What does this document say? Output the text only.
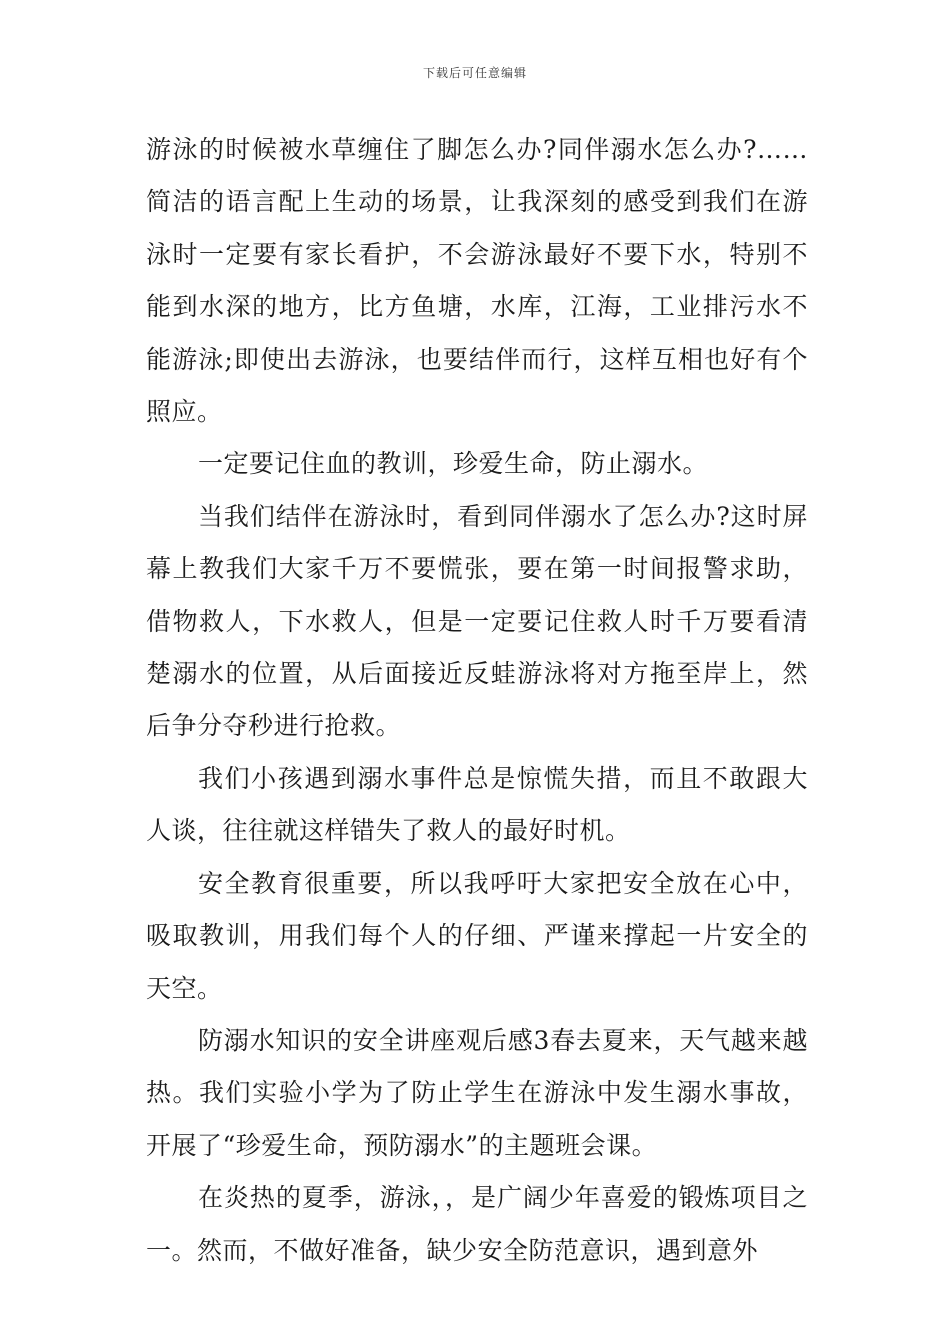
下载后可任意编辑

游泳的时候被水草缠住了脚怎么办?同伴溺水怎么办?……简洁的语言配上生动的场景，让我深刻的感受到我们在游泳时一定要有家长看护，不会游泳最好不要下水，特别不能到水深的地方，比方鱼塘，水库，江海，工业排污水不能游泳;即使出去游泳，也要结伴而行，这样互相也好有个照应。

一定要记住血的教训，珍爱生命，防止溺水。

当我们结伴在游泳时，看到同伴溺水了怎么办?这时屏幕上教我们大家千万不要慌张，要在第一时间报警求助，借物救人，下水救人，但是一定要记住救人时千万要看清楚溺水的位置，从后面接近反蛙游泳将对方拖至岸上，然后争分夺秒进行抢救。

我们小孩遇到溺水事件总是惊慌失措，而且不敢跟大人谈，往往就这样错失了救人的最好时机。

安全教育很重要，所以我呼吁大家把安全放在心中，吸取教训，用我们每个人的仔细、严谨来撑起一片安全的天空。

防溺水知识的安全讲座观后感3春去夏来，天气越来越热。我们实验小学为了防止学生在游泳中发生溺水事故，开展了“珍爱生命，预防溺水”的主题班会课。

在炎热的夏季，游泳，，是广阔少年喜爱的锻炼项目之一。然而，不做好准备，缺少安全防范意识，遇到意外
